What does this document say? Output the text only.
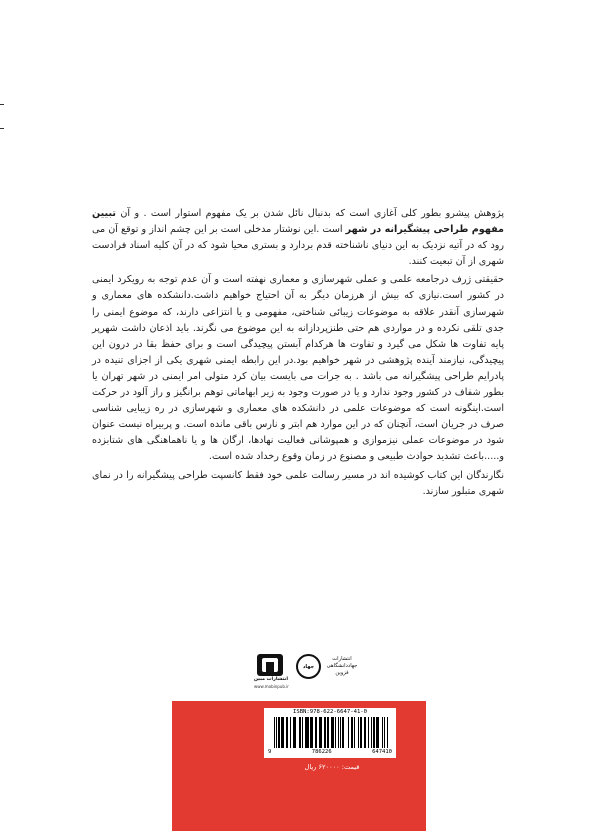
پژوهش پیشرو بطور کلی آغازی است که بدنبال نائل شدن بر یک مفهوم استوار است . و آن تبیین مفهوم طراحی پیشگیرانه در شهر است .این نوشتار مدخلی است بر این چشم انداز و توقع آن می رود که در آتیه نزدیک به این دنیای ناشناخته قدم بردارد و بستری محیا شود که در آن کلیه اسناد فرادست شهری از آن تبعیت کنند.

حقیقتی ژرف درجامعه علمی و عملی شهرسازی و معماری نهفته است و آن عدم توجه به رویکرد ایمنی در کشور است.نیازی که بیش از هرزمان دیگر به آن احتیاج خواهیم داشت.دانشکده های معماری و شهرسازی آنقدر علاقه به موضوعات زیبائی شناختی، مفهومی و یا انتزاعی دارند، که موضوع ایمنی را جدی تلقی نکرده و در مواردی هم حتی طنزپردازانه به این موضوع می نگرند. باید اذعان داشت شهرپر پایه تفاوت ها شکل می گیرد و تفاوت ها هرکدام آبستن پیچیدگی است و برای حفظ بقا در درون این پیچیدگی، نیازمند آینده پژوهشی در شهر خواهیم بود.در این رابطه ایمنی شهری یکی از اجزای تنیده در پادرایم طراحی پیشگیرانه می باشد . به جرات می بایست بیان کرد متولی امر ایمنی در شهر تهران یا بطور شفاف در کشور وجود ندارد و یا در صورت وجود به زیر ابهاماتی توهم برانگیز و راز آلود در حرکت است.اینگونه است که موضوعات علمی در دانشکده های معماری و شهرسازی در ره زیبایی شناسی صرف در جریان است، آنچنان که در این موارد هم ابتر و نارس باقی مانده است. و پربیراه نیست عنوان شود در موضوعات عملی نیزموازی و همپوشانی فعالیت نهادها، ارگان ها و یا ناهماهنگی های شتابزده و.....باعث تشدید حوادث طبیعی و مصنوع در زمان وقوع رخداد شده است.

نگارندگان این کتاب کوشیده اند در مسیر رسالت علمی خود فقط کانسپت طراحی پیشگیرانه را در نمای شهری متبلور سازند.

انتشارات مبین
www.mobinpub.ir
جهاد
انتشارات
جهاددانشگاهی
قزوین
ISBN:978-622-6647-41-0
9	786226	647410
قیمت: ۶۲۰۰۰۰ ریال
